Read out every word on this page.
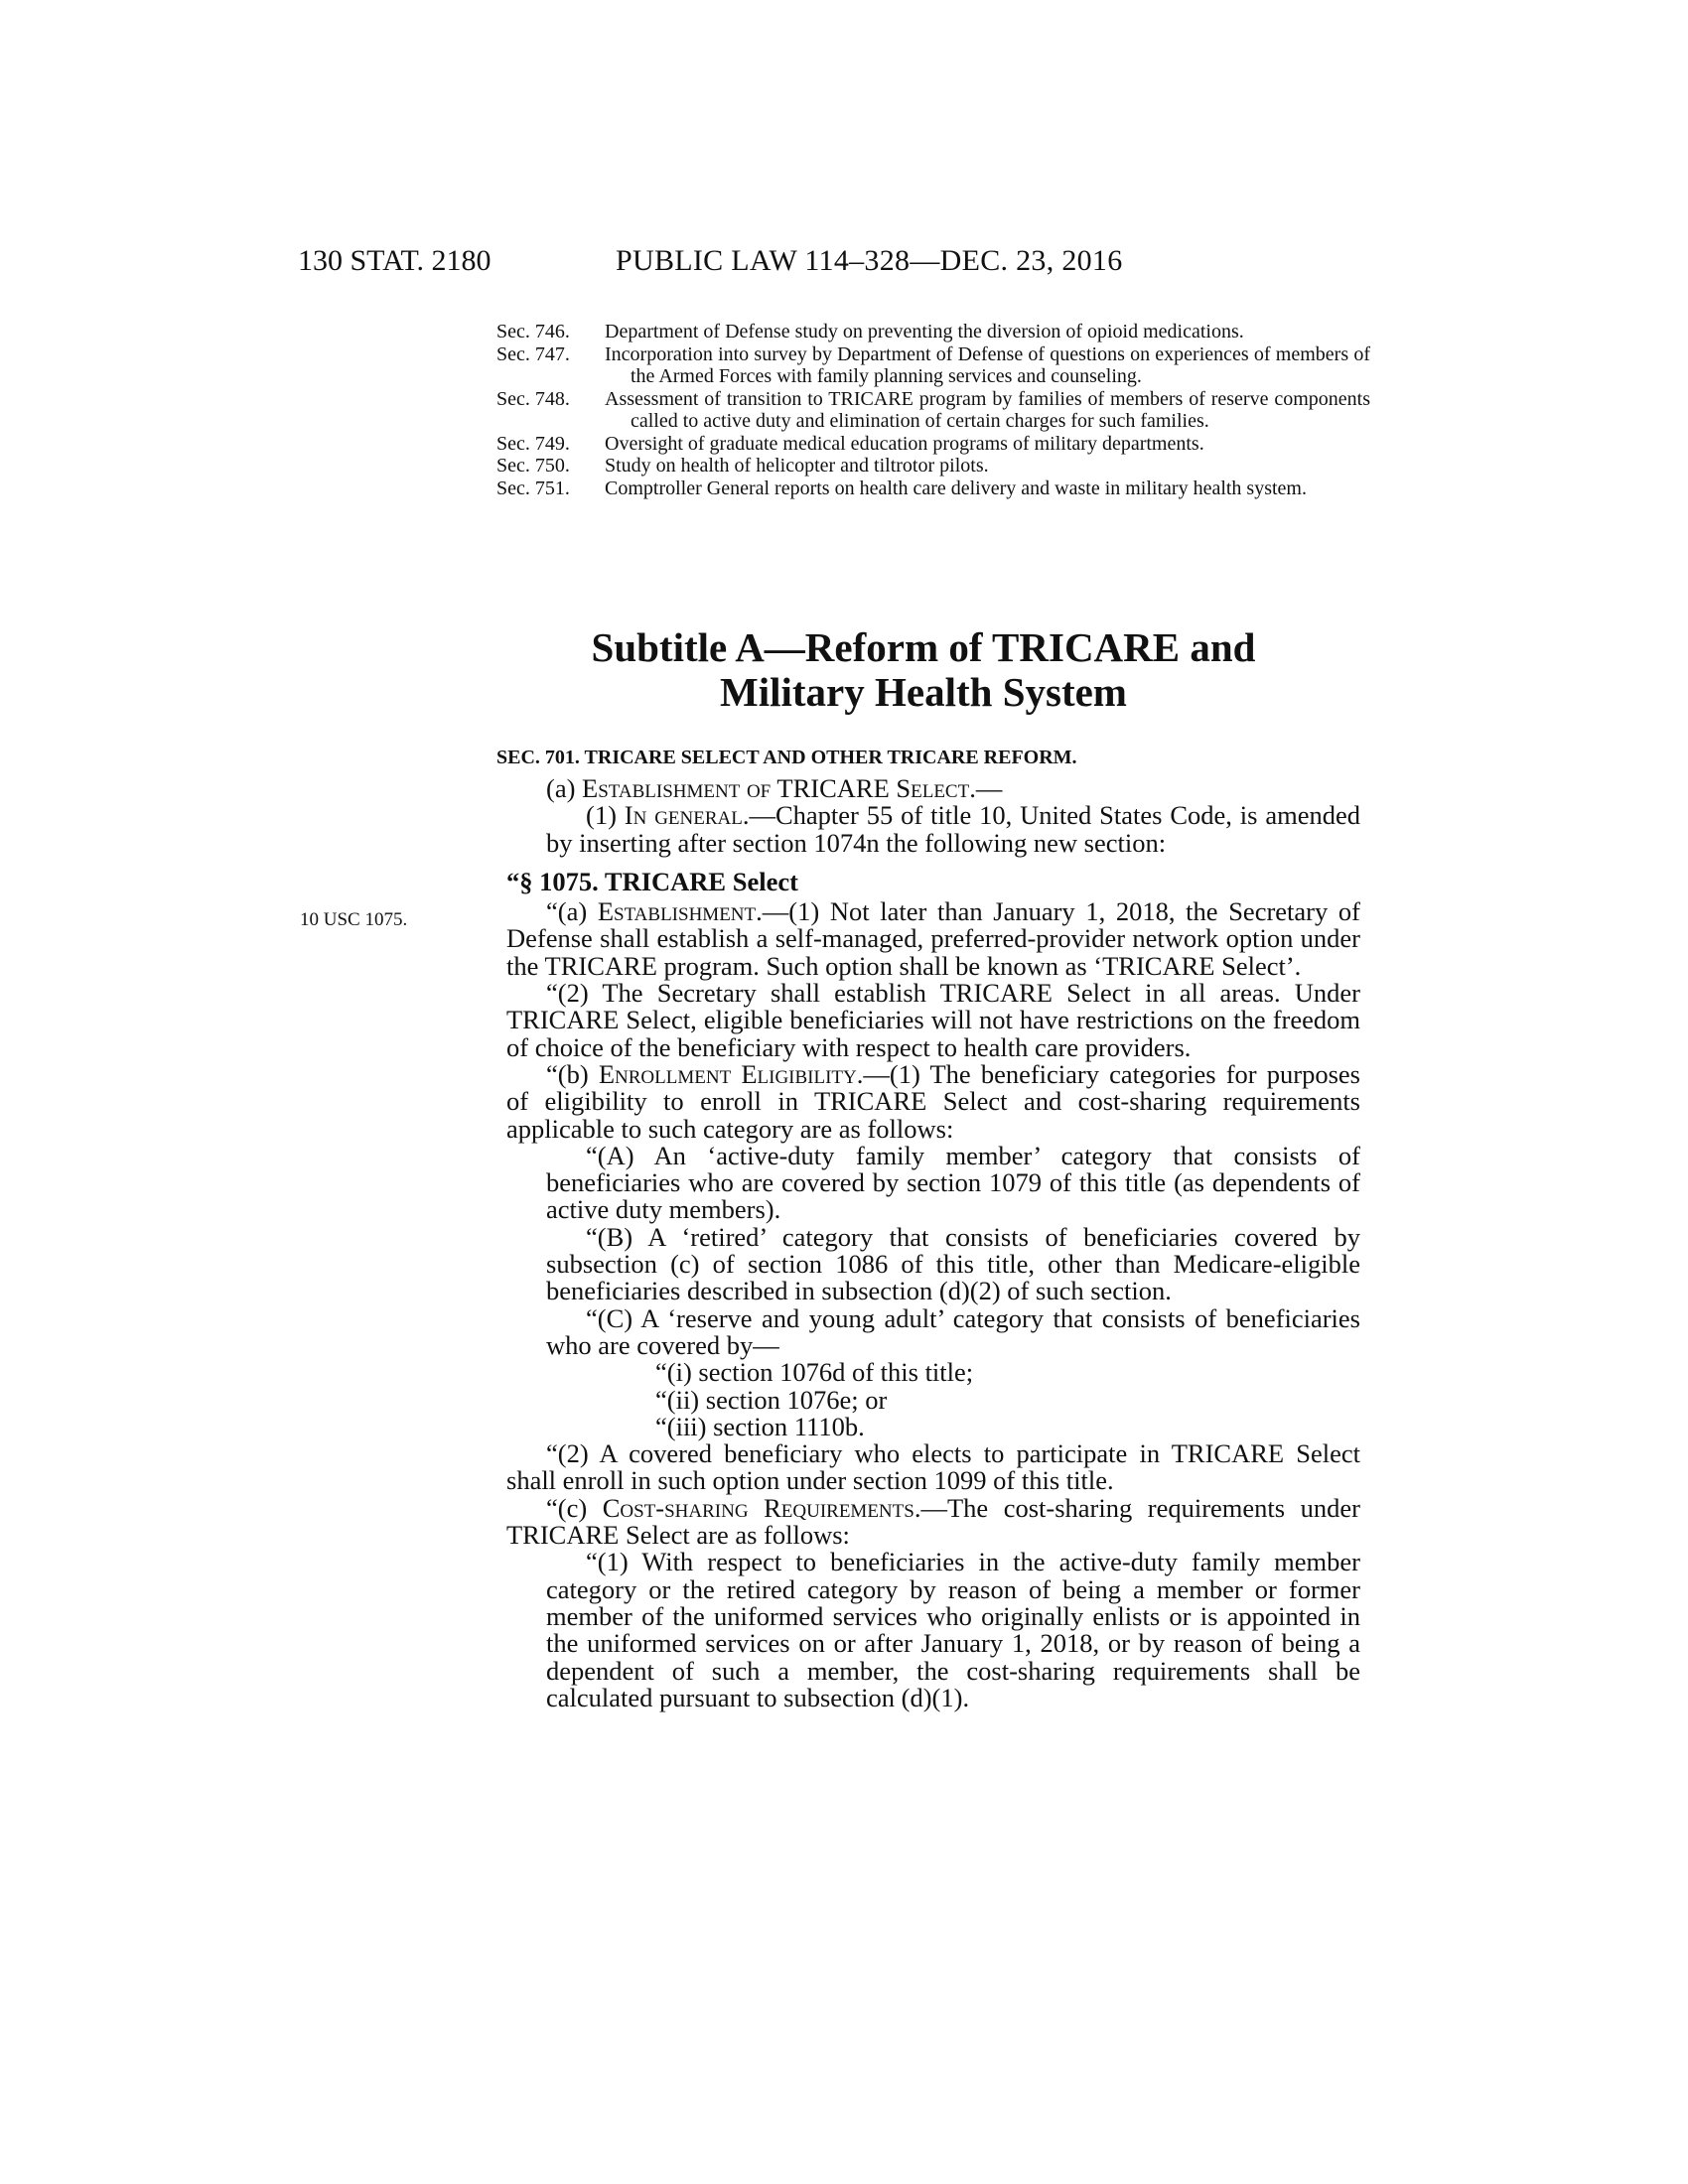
130 STAT. 2180	PUBLIC LAW 114–328—DEC. 23, 2016
Sec. 746.	Department of Defense study on preventing the diversion of opioid medications.
Sec. 747.	Incorporation into survey by Department of Defense of questions on experiences of members of the Armed Forces with family planning services and counseling.
Sec. 748.	Assessment of transition to TRICARE program by families of members of reserve components called to active duty and elimination of certain charges for such families.
Sec. 749.	Oversight of graduate medical education programs of military departments.
Sec. 750.	Study on health of helicopter and tiltrotor pilots.
Sec. 751.	Comptroller General reports on health care delivery and waste in military health system.
Subtitle A—Reform of TRICARE and
Military Health System
SEC. 701. TRICARE SELECT AND OTHER TRICARE REFORM.
10 USC 1075.

(a) Establishment of TRICARE Select.—

(1) In general.—Chapter 55 of title 10, United States Code, is amended by inserting after section 1074n the following new section:

“§ 1075. TRICARE Select

“(a) Establishment.—(1) Not later than January 1, 2018, the Secretary of Defense shall establish a self-managed, preferred-provider network option under the TRICARE program. Such option shall be known as ‘TRICARE Select’.

“(2) The Secretary shall establish TRICARE Select in all areas. Under TRICARE Select, eligible beneficiaries will not have restrictions on the freedom of choice of the beneficiary with respect to health care providers.

“(b) Enrollment Eligibility.—(1) The beneficiary categories for purposes of eligibility to enroll in TRICARE Select and cost-sharing requirements applicable to such category are as follows:

“(A) An ‘active-duty family member’ category that consists of beneficiaries who are covered by section 1079 of this title (as dependents of active duty members).

“(B) A ‘retired’ category that consists of beneficiaries covered by subsection (c) of section 1086 of this title, other than Medicare-eligible beneficiaries described in subsection (d)(2) of such section.

“(C) A ‘reserve and young adult’ category that consists of beneficiaries who are covered by—

“(i) section 1076d of this title;

“(ii) section 1076e; or

“(iii) section 1110b.

“(2) A covered beneficiary who elects to participate in TRICARE Select shall enroll in such option under section 1099 of this title.

“(c) Cost-sharing Requirements.—The cost-sharing requirements under TRICARE Select are as follows:

“(1) With respect to beneficiaries in the active-duty family member category or the retired category by reason of being a member or former member of the uniformed services who originally enlists or is appointed in the uniformed services on or after January 1, 2018, or by reason of being a dependent of such a member, the cost-sharing requirements shall be calculated pursuant to subsection (d)(1).
